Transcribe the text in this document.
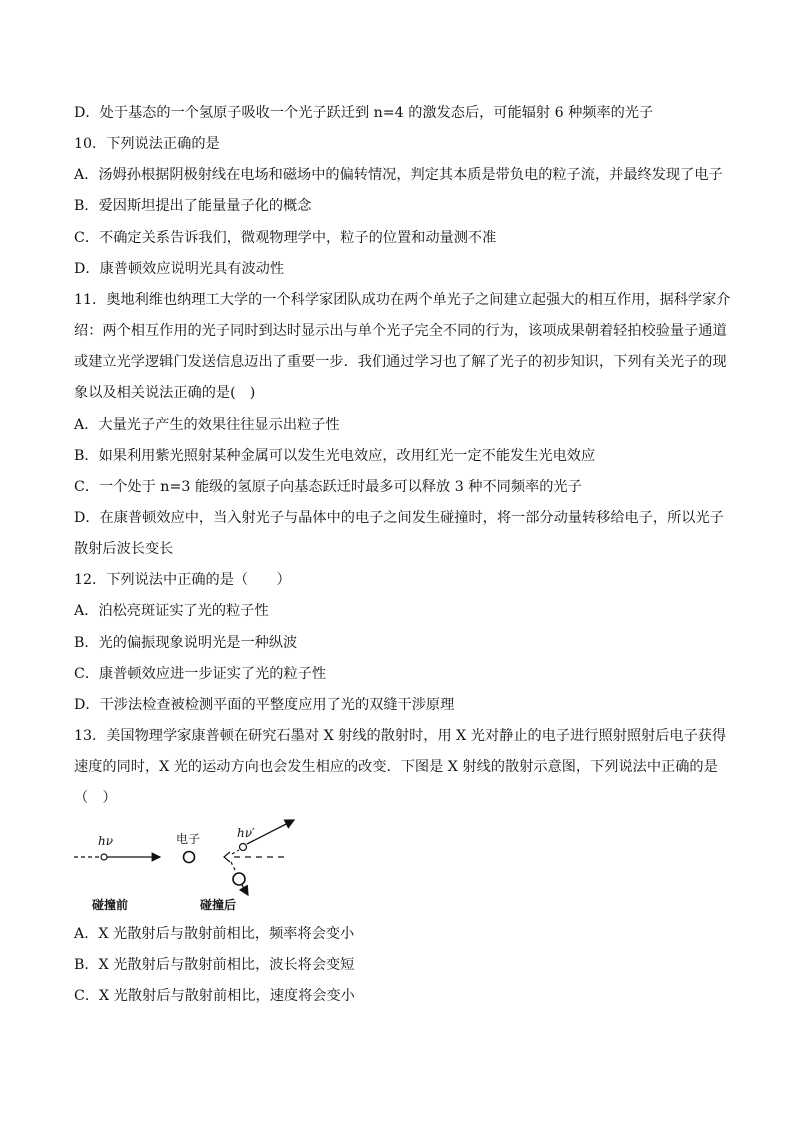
D．处于基态的一个氢原子吸收一个光子跃迁到 n=4 的激发态后，可能辐射 6 种频率的光子
10．下列说法正确的是
A．汤姆孙根据阴极射线在电场和磁场中的偏转情况，判定其本质是带负电的粒子流，并最终发现了电子
B．爱因斯坦提出了能量量子化的概念
C．不确定关系告诉我们，微观物理学中，粒子的位置和动量测不准
D．康普顿效应说明光具有波动性
11．奥地利维也纳理工大学的一个科学家团队成功在两个单光子之间建立起强大的相互作用，据科学家介
绍：两个相互作用的光子同时到达时显示出与单个光子完全不同的行为，该项成果朝着轻拍校验量子通道
或建立光学逻辑门发送信息迈出了重要一步．我们通过学习也了解了光子的初步知识，下列有关光子的现
象以及相关说法正确的是(　)
A．大量光子产生的效果往往显示出粒子性
B．如果利用紫光照射某种金属可以发生光电效应，改用红光一定不能发生光电效应
C．一个处于 n=3 能级的氢原子向基态跃迁时最多可以释放 3 种不同频率的光子
D．在康普顿效应中，当入射光子与晶体中的电子之间发生碰撞时，将一部分动量转移给电子，所以光子
散射后波长变长
12．下列说法中正确的是（　　）
A．泊松亮斑证实了光的粒子性
B．光的偏振现象说明光是一种纵波
C．康普顿效应进一步证实了光的粒子性
D．干涉法检查被检测平面的平整度应用了光的双缝干涉原理
13．美国物理学家康普顿在研究石墨对 X 射线的散射时，用 X 光对静止的电子进行照射照射后电子获得
速度的同时，X 光的运动方向也会发生相应的改变．下图是 X 射线的散射示意图，下列说法中正确的是
（　）
hν	电子	hν′
碰撞前	碰撞后
A．X 光散射后与散射前相比，频率将会变小
B．X 光散射后与散射前相比，波长将会变短
C．X 光散射后与散射前相比，速度将会变小
